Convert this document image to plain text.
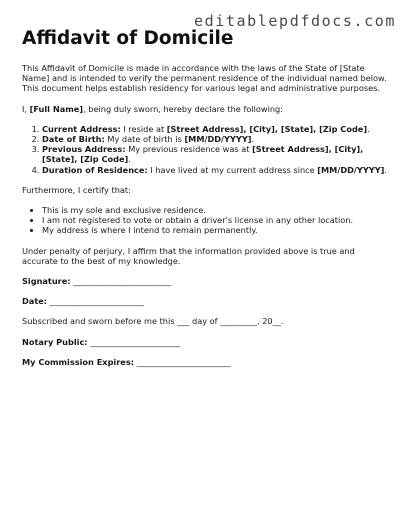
editablepdfdocs.com
Affidavit of Domicile

This Affidavit of Domicile is made in accordance with the laws of the State of [State Name] and is intended to verify the permanent residence of the individual named below. This document helps establish residency for various legal and administrative purposes.

I, [Full Name], being duly sworn, hereby declare the following:

1. Current Address: I reside at [Street Address], [City], [State], [Zip Code].
2. Date of Birth: My date of birth is [MM/DD/YYYY].
3. Previous Address: My previous residence was at [Street Address], [City], [State], [Zip Code].
4. Duration of Residence: I have lived at my current address since [MM/DD/YYYY].

Furthermore, I certify that:

• This is my sole and exclusive residence.
• I am not registered to vote or obtain a driver's license in any other location.
• My address is where I intend to remain permanently.

Under penalty of perjury, I affirm that the information provided above is true and accurate to the best of my knowledge.

Signature: ________________________
Date: _______________________

Subscribed and sworn before me this ___ day of _________, 20__.

Notary Public: ______________________
My Commission Expires: _______________________
